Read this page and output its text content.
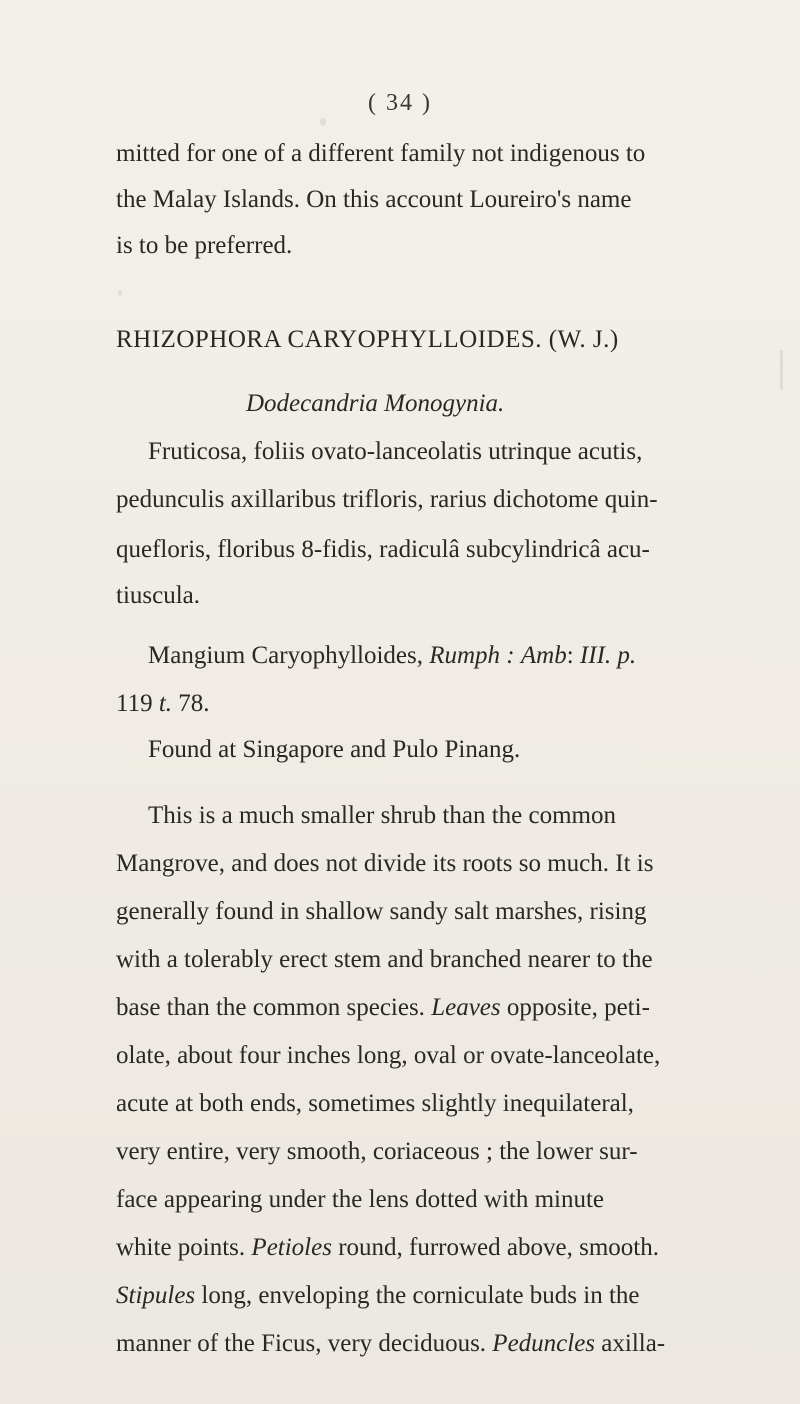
( 34 )
mitted for one of a different family not indigenous to
the Malay Islands. On this account Loureiro's name
is to be preferred.
RHIZOPHORA CARYOPHYLLOIDES. (W. J.)
Dodecandria Monogynia.
Fruticosa, foliis ovato-lanceolatis utrinque acutis,
pedunculis axillaribus trifloris, rarius dichotome quin-
quefloris, floribus 8-fidis, radiculâ subcylindricâ acu-
tiuscula.
Mangium Caryophylloides, Rumph : Amb: III. p.
119 t. 78.
Found at Singapore and Pulo Pinang.
This is a much smaller shrub than the common
Mangrove, and does not divide its roots so much. It is
generally found in shallow sandy salt marshes, rising
with a tolerably erect stem and branched nearer to the
base than the common species. Leaves opposite, peti-
olate, about four inches long, oval or ovate-lanceolate,
acute at both ends, sometimes slightly inequilateral,
very entire, very smooth, coriaceous ; the lower sur-
face appearing under the lens dotted with minute
white points. Petioles round, furrowed above, smooth.
Stipules long, enveloping the corniculate buds in the
manner of the Ficus, very deciduous. Peduncles axilla-
